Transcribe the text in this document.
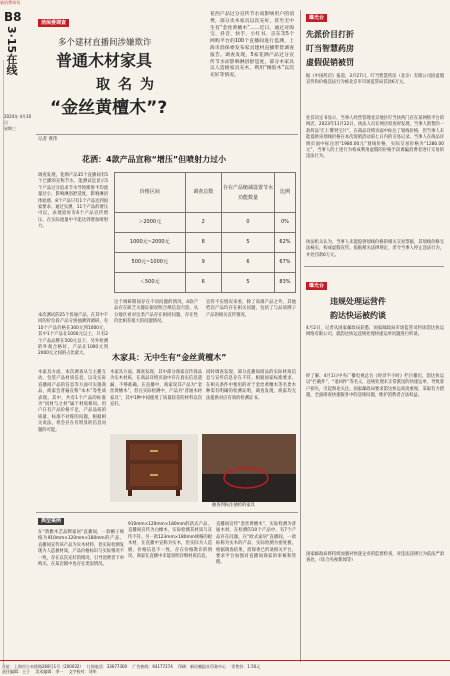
新消费周刊
B8
3·15在线
2024年 4月10日
星期三
消保委调查
多个建材直播间涉嫌欺诈
普通木材家具
取名为
“金丝黄檀木”?
花西产品过分宣传节水而影响用户的消费，部分卖木家具以次充好，甚至无中生有“金丝黄檀木”……近日，通过对海宝、抖音、快手、小红书、京东等5个网购平台的100个直播间进行监测，上海市消保委发布家具建材直播带货调查报告。调查发现，5家花洒产品过分宣传节水而影响淋浴舒适度，部分木家具以人造板家具充木，利用“橡胶木”以次充好等情况。
记者 黄伟
花洒：4款产品宣称“增压”但喷射力过小
调查发现，花洒产品35个直播间有5个已播的宣称节水，能测试是显示5个产品过分追求节水导致喷射平均流量过小，影响淋浴舒适度，影响淋浴体验感，8个产品只有1个产品达到国家要求。通过实测，11个产品的增压可以，表现较好有6个产品宣传增压，在实际流量中不能达到增加喷射力。
本次测试的25个普通产品，在其中不同的价位段产品分别抽测到调研，有10个产品价格在300元到1000元，其中1个产品在1000元以上，只有2个产品品牌在500元以下，另外检测的外观合格好，产品在1000元到2000元之间的占比最大。
价格区间	调查总数	存在产品缩减设置节水功能数量	比例
＞2000元	2	0	0%
1000元~2000元	8	5	62%
500元~1000元	9	6	67%
＜500元	6	5	83%
这个调研期间存在不同问题的情况，4款产品存在缺乏关键证据说明合规信息内容。从分地区看对这类产品存在相同问题，存在性价比相差很大的问题情况。
宣传不实情况来看，除了高端产品之外，其他档次产品均存在相关问题，包括了与品质牌子产品的相关宣传情况。
木家具：无中生有“金丝黄檀木”
木家具方面，本次调查从与主播互动、包装产品材质信息、以及实际直播间产品的信息等方面可实施商品，商家会普遍宣称“本木”等性质表现。其中，共有1个产品的标准为“同材与之材”属于材质相同。用户在有产品价格不足，产品品质的质量、标准不对称的问题，根据相关说法，将会存在有明显的信息问题的可能。
木家具方面，调查发现，其中部分商家宣传商品为实木材质，在商品详情页面中存在真实信息遗漏，不够准确。在直播中，商家说其产品为“金丝黄檀木”，但在实际检测中，产品为“普通木材家具”，其中1种中间使用了质量较差的材料以次充好。
同时调查发现，部分直播间商品的实际材质信息与宣传信息存在不符。根据国家标准要求，在相关条件中使用的对于金丝黄檀木等名贵木种需有明确的检测证明，调查发现，商家均无法提供对应有效的检测证书。
抽查到标注抽检的家具
典型案例
在“典雅木艺品牌家居”直播间，一款橱子规格为910mm×120mm×180mm的产品，直播间宣传该产品为实木材料，但实际检测发现为人造板材质，产品价格标识与实际情况不一致，存在以次充好的情况，引导消费者下单购买。在某店铺中也存在类似情况。
910mm×120mm×180mm的款式产品，直播间宣传为白橡木，实际检测其材质与宣传不符。另一款123mm×180mm规格的板木材，在直播中宣称为实木，但实际为人造板，价格信息不一致，存在价格欺诈的情况，商家在直播中未能说明详细材质信息。
直播间宣传“金丝黄檀木”，实际检测为普通木材，在检测的10个产品中，有7个产品存在问题。在“欧式家居”直播间，一款标称为实木的产品，实际检测为密度板。根据调查结果，消保委已约谈相关平台，要求平台加强对直播间商家的审核和管理。
曝光台
先派价目打折
叮当智慧药房
虚假促销被罚
据《中国药店》报道，3月27日，叮当智慧药房（北京）有限公司因虚假宣传和价格违法行为被北京市市场监管局罚款6万元。
处罚决定书显示，当事人经营管理北京地区叮当快药门店在某网络平台的网店。2023年11月22日，执法人员在网店检查时发现，当事人销售的一款药品“汇仁牌肾宝片”，在商品详情页面中标注了划线价格，但当事人未能提供该划线价格在本次促销活动前七日内的交易记录。当事人在商品详情页面中标注的“1980.00元”划线价格，实际交易价格为“1280.00元”，当事人的上述行为构成利用虚假的价格手段诱骗消费者进行交易的违法行为。
执法机关认为，当事人未能提供划线价格的相关交易票据，其划线价格无法核实，构成虚假宣传。依据相关法律规定，责令当事人停止违法行为，并处罚款6万元。
曝光台
违规处理运营件
韵达快运被约谈
4月2日，记者从国家邮政局获悉，国家邮政局市场监管司约谈韵达快运网络有限公司，就韵达快运违规处理快递运单问题进行约谈。
经了解，4月1日中央广播电视总台《经济半小时》栏目播出，韵达快运以“拦截件”、“退回件”等名义，违规处理未正常派送的快递运单，导致客户损失，引起舆论关注。国家邮政局要求韵达快运高度重视，采取有力措施，全面排查快递服务中的违规问题，维护消费者合法权益。
国家邮政局将持续加强对快递企业的监督检查，对违法违规行为依法严肃查处。（综合央视新闻等）
社址：上海市小木桥路268号1号（200032）　 订阅电话：33677300　 广告热线：64177274　 印刷：新民晚报社印务中心　 零售价：1.50元
责任编辑：王子　 美术编辑：李一　 文字校对：刘华
